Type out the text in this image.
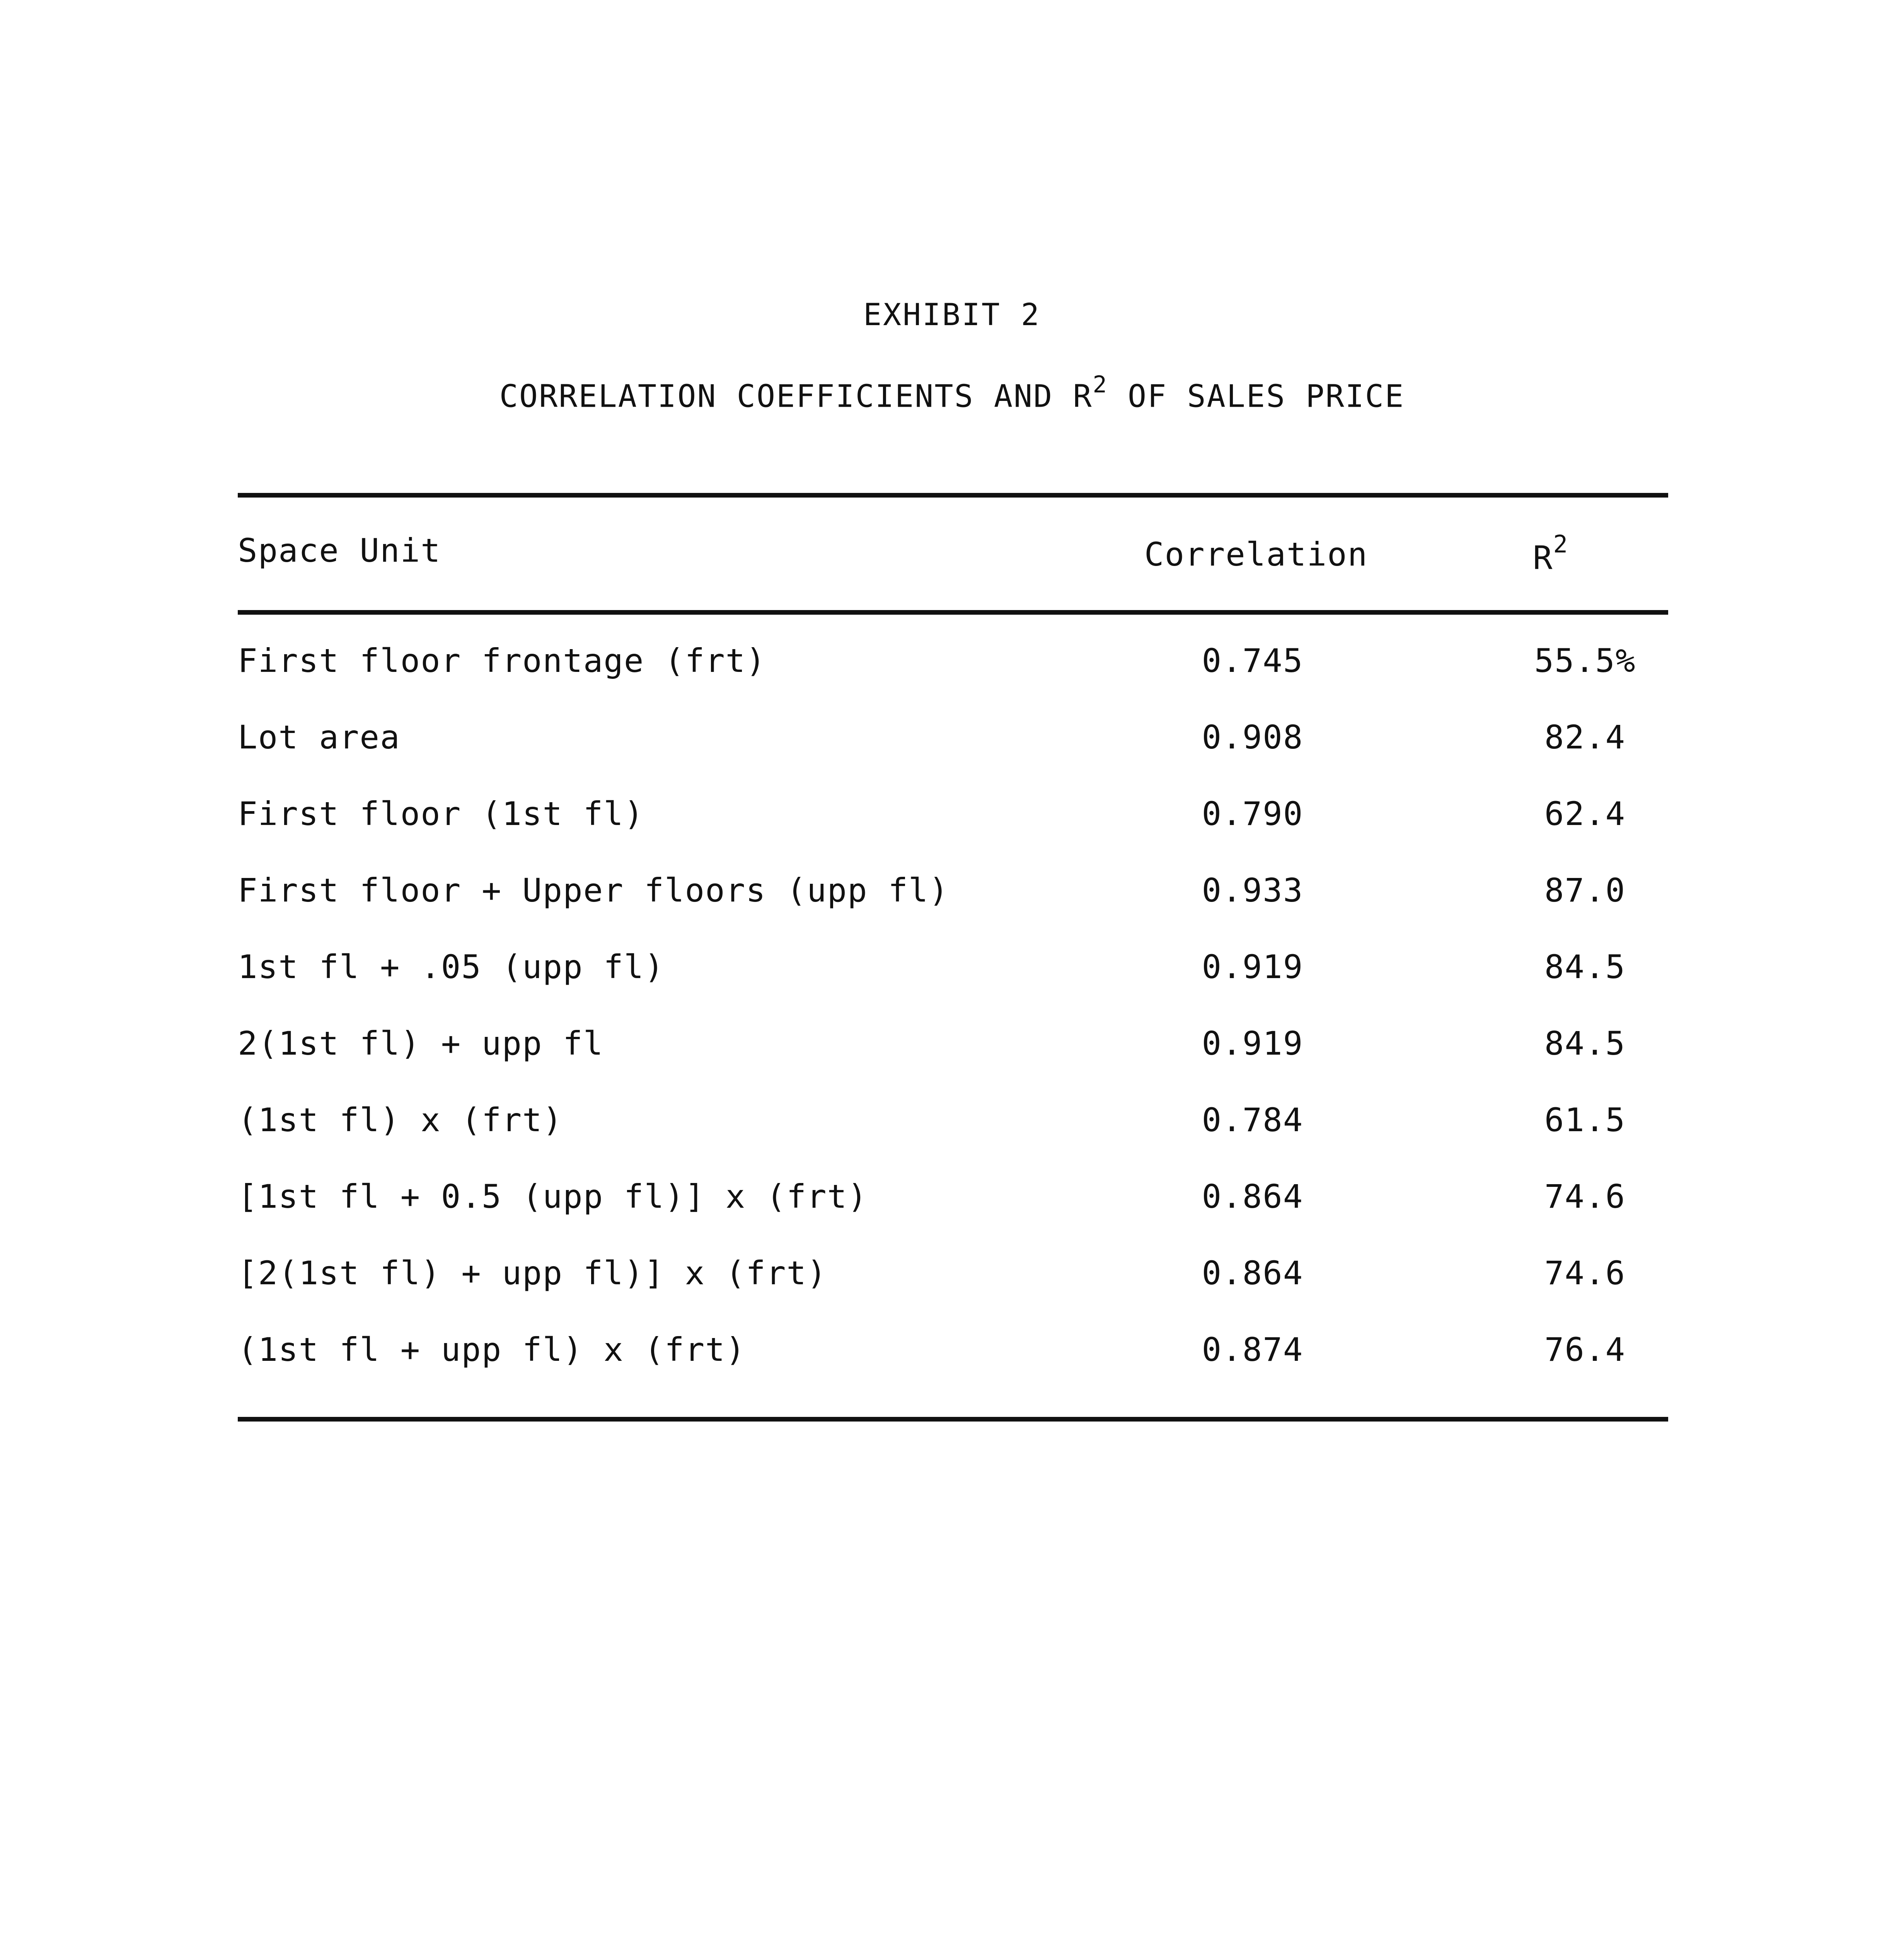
EXHIBIT 2
CORRELATION COEFFICIENTS AND $R^2$ OF SALES PRICE
Space Unit	Correlation	$R^2$
First floor frontage (frt)	0.745	55.5%
Lot area	0.908	82.4
First floor (1st fl)	0.790	62.4
First floor + Upper floors (upp fl)	0.933	87.0
1st fl + .05 (upp fl)	0.919	84.5
2(1st fl) + upp fl	0.919	84.5
(1st fl) x (frt)	0.784	61.5
[1st fl + 0.5 (upp fl)] x (frt)	0.864	74.6
[2(1st fl) + upp fl)] x (frt)	0.864	74.6
(1st fl + upp fl) x (frt)	0.874	76.4
